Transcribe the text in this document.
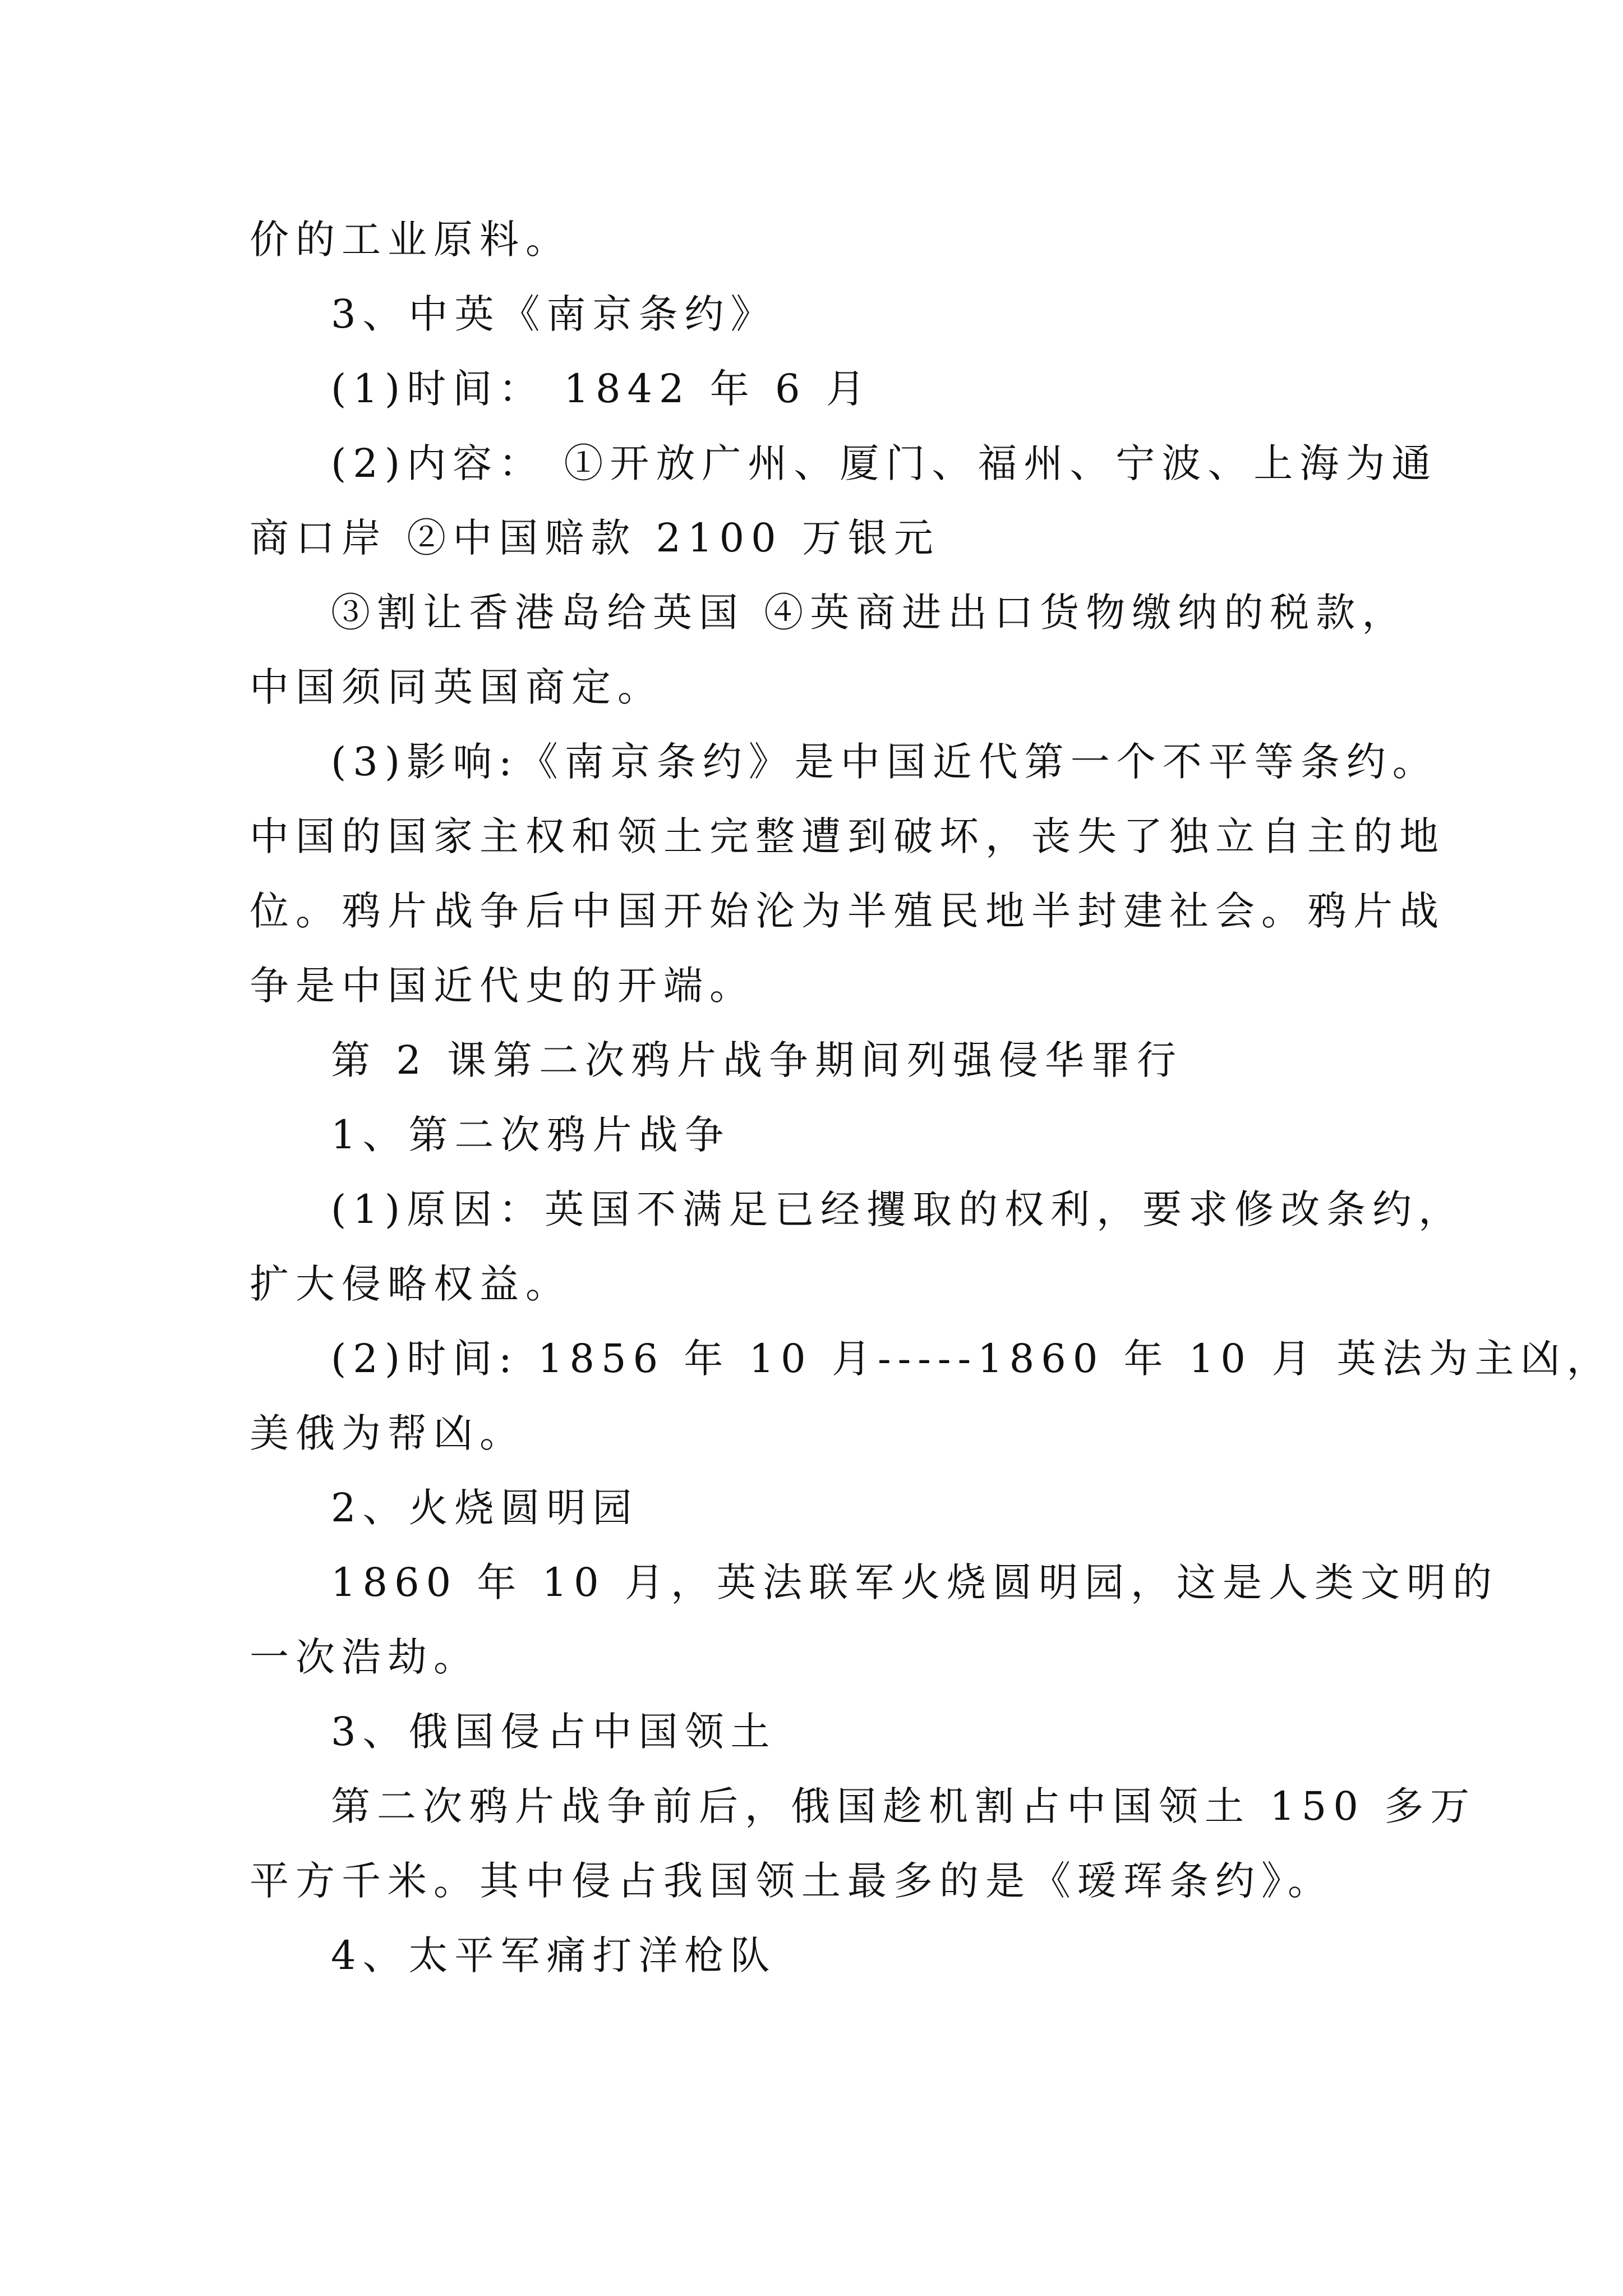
价的工业原料。

3、中英《南京条约》

(1)时间： 1842 年 6 月

(2)内容： ①开放广州、厦门、福州、宁波、上海为通

商口岸 ②中国赔款 2100 万银元

③割让香港岛给英国 ④英商进出口货物缴纳的税款，

中国须同英国商定。

(3)影响:《南京条约》是中国近代第一个不平等条约。

中国的国家主权和领土完整遭到破坏，丧失了独立自主的地

位。鸦片战争后中国开始沦为半殖民地半封建社会。鸦片战

争是中国近代史的开端。

第 2 课第二次鸦片战争期间列强侵华罪行

1、第二次鸦片战争

(1)原因：英国不满足已经攫取的权利，要求修改条约，

扩大侵略权益。

(2)时间: 1856 年 10 月-----1860 年 10 月 英法为主凶，

美俄为帮凶。

2、火烧圆明园

1860 年 10 月，英法联军火烧圆明园，这是人类文明的

一次浩劫。

3、俄国侵占中国领土

第二次鸦片战争前后，俄国趁机割占中国领土 150 多万

平方千米。其中侵占我国领土最多的是《瑷珲条约》。

4、太平军痛打洋枪队
